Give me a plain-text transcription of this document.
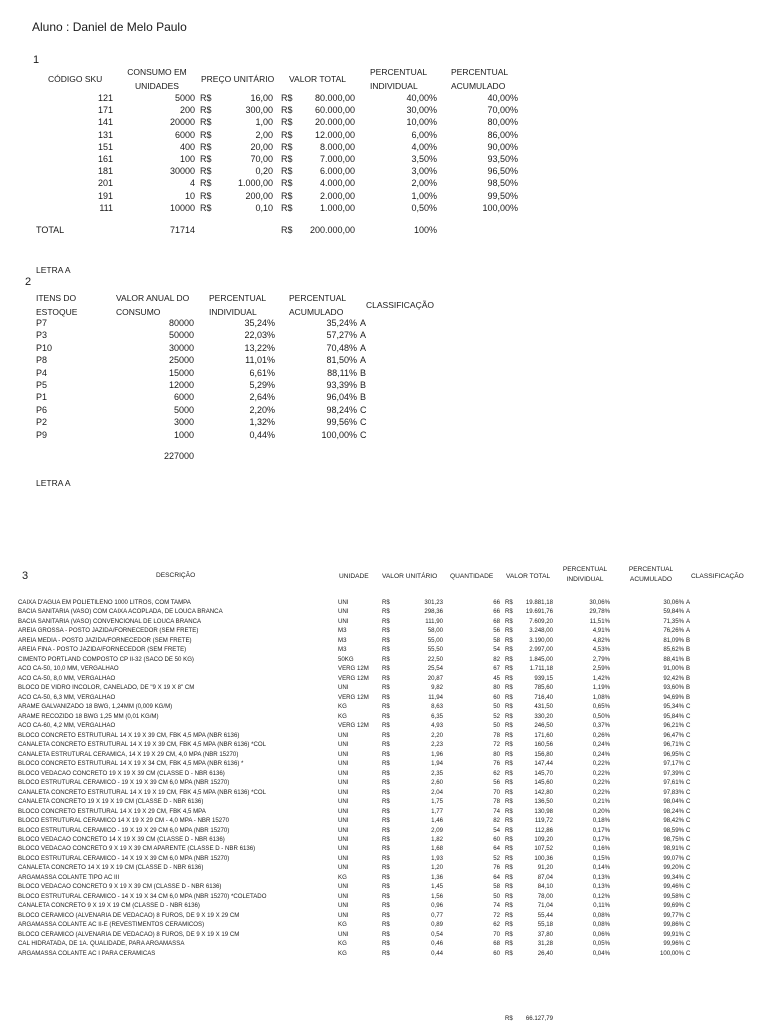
Aluno : Daniel de Melo Paulo
1
CÓDIGO SKU
CONSUMO EM UNIDADES
PREÇO UNITÁRIO VALOR TOTAL
PERCENTUAL INDIVIDUAL
PERCENTUAL ACUMULADO
121	5000 R$	16,00 R$	80.000,00	40,00%	40,00%
171	200 R$	300,00 R$	60.000,00	30,00%	70,00%
141	20000 R$	1,00 R$	20.000,00	10,00%	80,00%
131	6000 R$	2,00 R$	12.000,00	6,00%	86,00%
151	400 R$	20,00 R$	8.000,00	4,00%	90,00%
161	100 R$	70,00 R$	7.000,00	3,50%	93,50%
181	30000 R$	0,20 R$	6.000,00	3,00%	96,50%
201	4 R$	1.000,00 R$	4.000,00	2,00%	98,50%
191	10 R$	200,00 R$	2.000,00	1,00%	99,50%
111	10000 R$	0,10 R$	1.000,00	0,50%	100,00%
TOTAL	71714	R$	200.000,00	100%
LETRA A
2
ITENS DO ESTOQUE
VALOR ANUAL DO CONSUMO
PERCENTUAL INDIVIDUAL
PERCENTUAL ACUMULADO
CLASSIFICAÇÃO
P7	80000	35,24%	35,24% A
P3	50000	22,03%	57,27% A
P10	30000	13,22%	70,48% A
P8	25000	11,01%	81,50% A
P4	15000	6,61%	88,11% B
P5	12000	5,29%	93,39% B
P1	6000	2,64%	96,04% B
P6	5000	2,20%	98,24% C
P2	3000	1,32%	99,56% C
P9	1000	0,44%	100,00% C
227000
LETRA A
3	DESCRIÇÃO	UNIDADE VALOR UNITÁRIO QUANTIDADE VALOR TOTAL
PERCENTUAL INDIVIDUAL
PERCENTUAL ACUMULADO	CLASSIFICAÇÃO
CAIXA D'AGUA EM POLIETILENO 1000 LITROS, COM TAMPA	UNI	R$	301,23	66 R$	19.881,18	30,06%	30,06% A
BACIA SANITARIA (VASO) COM CAIXA ACOPLADA, DE LOUCA BRANCA	UNI	R$	298,36	66 R$	19.691,76	29,78%	59,84% A
BACIA SANITARIA (VASO) CONVENCIONAL DE LOUCA BRANCA	UNI	R$	111,90	68 R$	7.609,20	11,51%	71,35% A
AREIA GROSSA - POSTO JAZIDA/FORNECEDOR (SEM FRETE)	M3	R$	58,00	56 R$	3.248,00	4,91%	76,26% A
AREIA MEDIA - POSTO JAZIDA/FORNECEDOR (SEM FRETE)	M3	R$	55,00	58 R$	3.190,00	4,82%	81,09% B
AREIA FINA - POSTO JAZIDA/FORNECEDOR (SEM FRETE)	M3	R$	55,50	54 R$	2.997,00	4,53%	85,62% B
CIMENTO PORTLAND COMPOSTO CP II-32 (SACO DE 50 KG)	50KG	R$	22,50	82 R$	1.845,00	2,79%	88,41% B
ACO CA-50, 10,0 MM, VERGALHAO	VERG 12M R$	25,54	67 R$	1.711,18	2,59%	91,00% B
ACO CA-50, 8,0 MM, VERGALHAO	VERG 12M R$	20,87	45 R$	939,15	1,42%	92,42% B
BLOCO DE VIDRO INCOLOR, CANELADO, DE "9 X 19 X 8" CM	UNI	R$	9,82	80 R$	785,60	1,19%	93,60% B
ACO CA-50, 6,3 MM, VERGALHAO	VERG 12M R$	11,94	60 R$	716,40	1,08%	94,69% B
ARAME GALVANIZADO 18 BWG, 1,24MM (0,009 KG/M)	KG	R$	8,63	50 R$	431,50	0,65%	95,34% C
ARAME RECOZIDO 18 BWG 1,25 MM (0,01 KG/M)	KG	R$	6,35	52 R$	330,20	0,50%	95,84% C
ACO CA-60, 4,2 MM, VERGALHAO	VERG 12M R$	4,93	50 R$	246,50	0,37%	96,21% C
BLOCO CONCRETO ESTRUTURAL 14 X 19 X 39 CM, FBK 4,5 MPA (NBR 6136)	UNI	R$	2,20	78 R$	171,60	0,26%	96,47% C
CANALETA CONCRETO ESTRUTURAL 14 X 19 X 39 CM, FBK 4,5 MPA (NBR 6136) *COL	UNI	R$	2,23	72 R$	160,56	0,24%	96,71% C
CANALETA ESTRUTURAL CERAMICA, 14 X 19 X 29 CM, 4,0 MPA (NBR 15270)	UNI	R$	1,96	80 R$	156,80	0,24%	96,95% C
BLOCO CONCRETO ESTRUTURAL 14 X 19 X 34 CM, FBK 4,5 MPA (NBR 6136) *	UNI	R$	1,94	76 R$	147,44	0,22%	97,17% C
BLOCO VEDACAO CONCRETO 19 X 19 X 39 CM (CLASSE D - NBR 6136)	UNI	R$	2,35	62 R$	145,70	0,22%	97,39% C
BLOCO ESTRUTURAL CERAMICO - 19 X 19 X 39 CM 6,0 MPA (NBR 15270)	UNI	R$	2,60	56 R$	145,60	0,22%	97,61% C
CANALETA CONCRETO ESTRUTURAL 14 X 19 X 19 CM, FBK 4,5 MPA (NBR 6136) *COL	UNI	R$	2,04	70 R$	142,80	0,22%	97,83% C
CANALETA CONCRETO 19 X 19 X 19 CM (CLASSE D - NBR 6136)	UNI	R$	1,75	78 R$	136,50	0,21%	98,04% C
BLOCO CONCRETO ESTRUTURAL 14 X 19 X 29 CM, FBK 4,5 MPA	UNI	R$	1,77	74 R$	130,98	0,20%	98,24% C
BLOCO ESTRUTURAL CERAMICO 14 X 19 X 29 CM - 4,0 MPA - NBR 15270	UNI	R$	1,46	82 R$	119,72	0,18%	98,42% C
BLOCO ESTRUTURAL CERAMICO - 19 X 19 X 29 CM 6,0 MPA (NBR 15270)	UNI	R$	2,09	54 R$	112,86	0,17%	98,59% C
BLOCO VEDACAO CONCRETO 14 X 19 X 39 CM (CLASSE D - NBR 6136)	UNI	R$	1,82	60 R$	109,20	0,17%	98,75% C
BLOCO VEDACAO CONCRETO 9 X 19 X 39 CM APARENTE (CLASSE D - NBR 6136)	UNI	R$	1,68	64 R$	107,52	0,16%	98,91% C
BLOCO ESTRUTURAL CERAMICO - 14 X 19 X 39 CM 6,0 MPA (NBR 15270)	UNI	R$	1,93	52 R$	100,36	0,15%	99,07% C
CANALETA CONCRETO 14 X 19 X 19 CM (CLASSE D - NBR 6136)	UNI	R$	1,20	76 R$	91,20	0,14%	99,20% C
ARGAMASSA COLANTE TIPO AC III	KG	R$	1,36	64 R$	87,04	0,13%	99,34% C
BLOCO VEDACAO CONCRETO 9 X 19 X 39 CM (CLASSE D - NBR 6136)	UNI	R$	1,45	58 R$	84,10	0,13%	99,46% C
BLOCO ESTRUTURAL CERAMICO - 14 X 19 X 34 CM 6,0 MPA (NBR 15270) *COLETADO	UNI	R$	1,56	50 R$	78,00	0,12%	99,58% C
CANALETA CONCRETO 9 X 19 X 19 CM (CLASSE D - NBR 6136)	UNI	R$	0,96	74 R$	71,04	0,11%	99,69% C
BLOCO CERAMICO (ALVENARIA DE VEDACAO) 8 FUROS, DE 9 X 19 X 29 CM	UNI	R$	0,77	72 R$	55,44	0,08%	99,77% C
ARGAMASSA COLANTE AC II-E (REVESTIMENTOS CERAMICOS)	KG	R$	0,89	62 R$	55,18	0,08%	99,86% C
BLOCO CERAMICO (ALVENARIA DE VEDACAO) 8 FUROS, DE 9 X 19 X 19 CM	UNI	R$	0,54	70 R$	37,80	0,06%	99,91% C
CAL HIDRATADA, DE 1A. QUALIDADE, PARA ARGAMASSA	KG	R$	0,46	68 R$	31,28	0,05%	99,96% C
ARGAMASSA COLANTE AC I PARA CERAMICAS	KG	R$	0,44	60 R$	26,40	0,04%	100,00% C
R$	66.127,79
